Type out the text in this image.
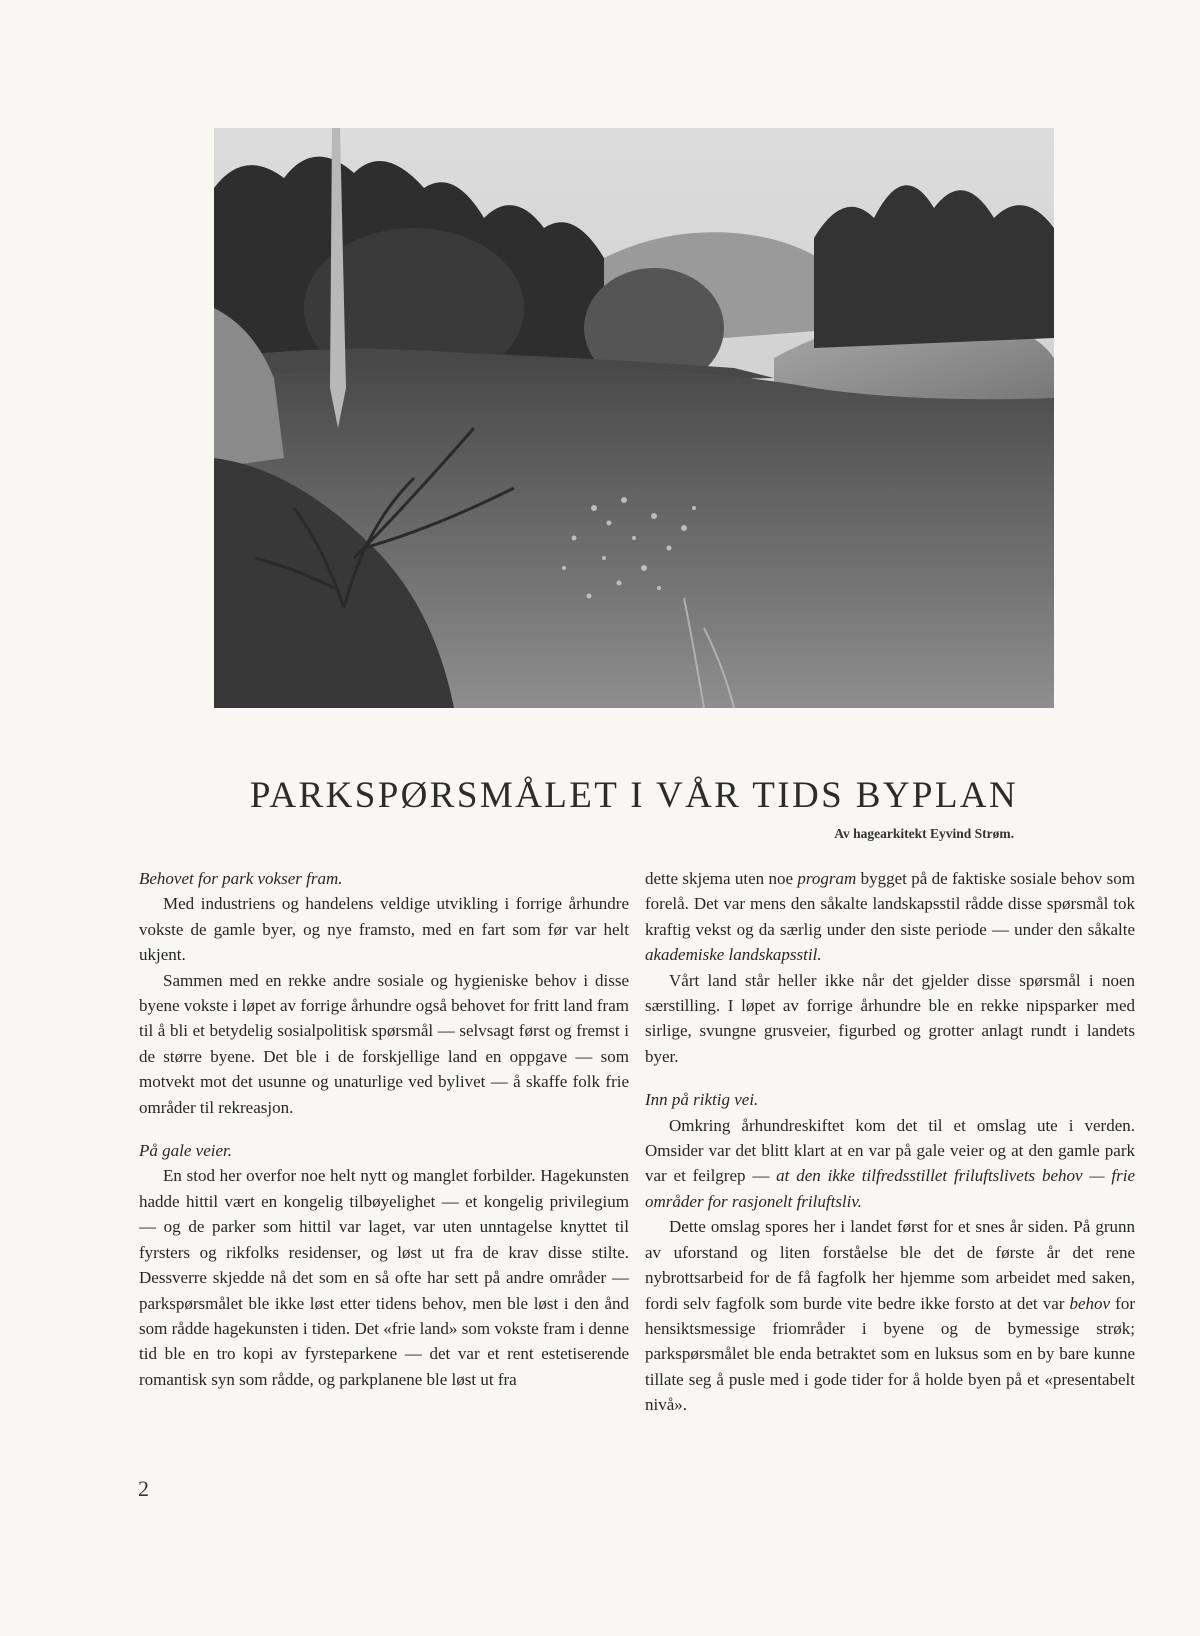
PARKSPØRSMÅLET I VÅR TIDS BYPLAN
Av hagearkitekt Eyvind Strøm.
Behovet for park vokser fram.

Med industriens og handelens veldige utvikling i forrige århundre vokste de gamle byer, og nye framsto, med en fart som før var helt ukjent.

Sammen med en rekke andre sosiale og hygieniske behov i disse byene vokste i løpet av forrige århundre også behovet for fritt land fram til å bli et betydelig sosialpolitisk spørsmål — selvsagt først og fremst i de større byene. Det ble i de forskjellige land en oppgave — som motvekt mot det usunne og unaturlige ved bylivet — å skaffe folk frie områder til rekreasjon.

På gale veier.

En stod her overfor noe helt nytt og manglet forbilder. Hagekunsten hadde hittil vært en kongelig tilbøyelighet — et kongelig privilegium — og de parker som hittil var laget, var uten unntagelse knyttet til fyrsters og rikfolks residenser, og løst ut fra de krav disse stilte. Dessverre skjedde nå det som en så ofte har sett på andre områder — parkspørsmålet ble ikke løst etter tidens behov, men ble løst i den ånd som rådde hagekunsten i tiden. Det «frie land» som vokste fram i denne tid ble en tro kopi av fyrsteparkene — det var et rent estetiserende romantisk syn som rådde, og parkplanene ble løst ut fra

dette skjema uten noe program bygget på de faktiske sosiale behov som forelå. Det var mens den såkalte landskapsstil rådde disse spørsmål tok kraftig vekst og da særlig under den siste periode — under den såkalte akademiske landskapsstil.

Vårt land står heller ikke når det gjelder disse spørsmål i noen særstilling. I løpet av forrige århundre ble en rekke nipsparker med sirlige, svungne grusveier, figurbed og grotter anlagt rundt i landets byer.

Inn på riktig vei.

Omkring århundreskiftet kom det til et omslag ute i verden. Omsider var det blitt klart at en var på gale veier og at den gamle park var et feilgrep — at den ikke tilfredsstillet friluftslivets behov — frie områder for rasjonelt friluftsliv.

Dette omslag spores her i landet først for et snes år siden. På grunn av uforstand og liten forståelse ble det de første år det rene nybrottsarbeid for de få fagfolk her hjemme som arbeidet med saken, fordi selv fagfolk som burde vite bedre ikke forsto at det var behov for hensiktsmessige friområder i byene og de bymessige strøk; parkspørsmålet ble enda betraktet som en luksus som en by bare kunne tillate seg å pusle med i gode tider for å holde byen på et «presentabelt nivå».

2
